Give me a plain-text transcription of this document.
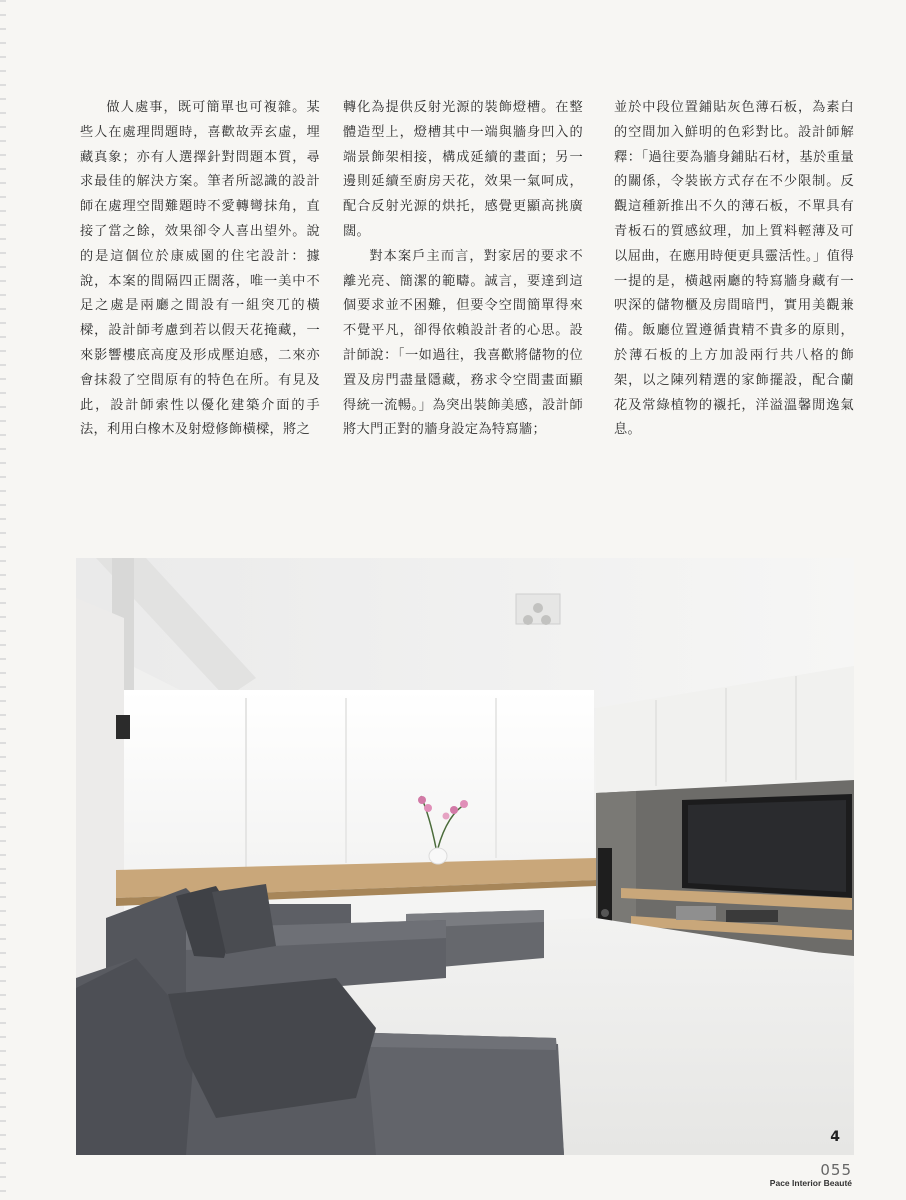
做人處事，既可簡單也可複雜。某些人在處理問題時，喜歡故弄玄虛，埋藏真象；亦有人選擇針對問題本質，尋求最佳的解決方案。筆者所認識的設計師在處理空間難題時不愛轉彎抹角，直接了當之餘，效果卻令人喜出望外。說的是這個位於康威園的住宅設計：據說，本案的間隔四正闊落，唯一美中不足之處是兩廳之間設有一組突兀的橫樑，設計師考慮到若以假天花掩藏，一來影響樓底高度及形成壓迫感，二來亦會抹殺了空間原有的特色在所。有見及此，設計師索性以優化建築介面的手法，利用白橡木及射燈修飾橫樑，將之

轉化為提供反射光源的裝飾燈槽。在整體造型上，燈槽其中一端與牆身凹入的端景飾架相接，構成延續的畫面；另一邊則延續至廚房天花，效果一氣呵成，配合反射光源的烘托，感覺更顯高挑廣闊。

對本案戶主而言，對家居的要求不離光亮、簡潔的範疇。誠言，要達到這個要求並不困難，但要令空間簡單得來不覺平凡，卻得依賴設計者的心思。設計師說：「一如過往，我喜歡將儲物的位置及房門盡量隱藏，務求令空間畫面顯得統一流暢。」為突出裝飾美感，設計師將大門正對的牆身設定為特寫牆；

並於中段位置鋪貼灰色薄石板，為素白的空間加入鮮明的色彩對比。設計師解釋：「過往要為牆身鋪貼石材，基於重量的關係，令裝嵌方式存在不少限制。反觀這種新推出不久的薄石板，不單具有青板石的質感紋理，加上質料輕薄及可以屈曲，在應用時便更具靈活性。」值得一提的是，橫越兩廳的特寫牆身藏有一呎深的儲物櫃及房間暗門，實用美觀兼備。飯廳位置遵循貴精不貴多的原則，於薄石板的上方加設兩行共八格的飾架，以之陳列精選的家飾擺設，配合蘭花及常綠植物的襯托，洋溢溫馨閒逸氣息。

4
055
Pace Interior Beauté
